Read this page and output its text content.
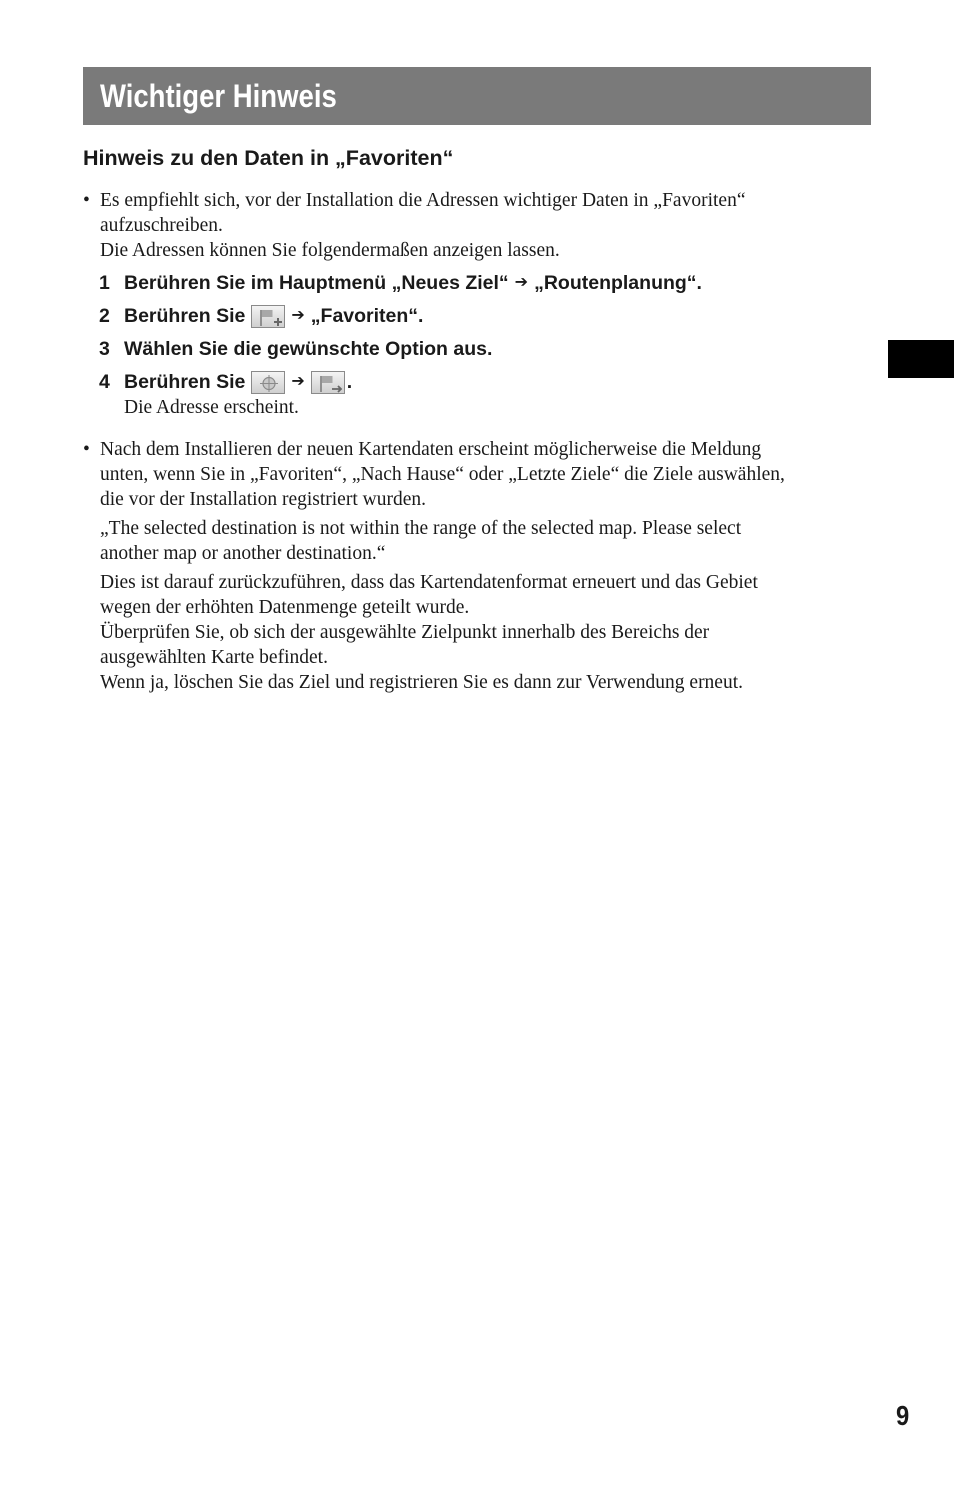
Wichtiger Hinweis
Hinweis zu den Daten in „Favoriten“
• Es empfiehlt sich, vor der Installation die Adressen wichtiger Daten in „Favoriten“
aufzuschreiben.
Die Adressen können Sie folgendermaßen anzeigen lassen.

1 Berühren Sie im Hauptmenü „Neues Ziel“ ➔ „Routenplanung“.
2 Berühren Sie	➔ „Favoriten“.
3 Wählen Sie die gewünschte Option aus.
4 Berühren Sie	➔ .
Die Adresse erscheint.
• Nach dem Installieren der neuen Kartendaten erscheint möglicherweise die Meldung
unten, wenn Sie in „Favoriten“, „Nach Hause“ oder „Letzte Ziele“ die Ziele auswählen,
die vor der Installation registriert wurden.

„The selected destination is not within the range of the selected map. Please select
another map or another destination.“

Dies ist darauf zurückzuführen, dass das Kartendatenformat erneuert und das Gebiet
wegen der erhöhten Datenmenge geteilt wurde.
Überprüfen Sie, ob sich der ausgewählte Zielpunkt innerhalb des Bereichs der
ausgewählten Karte befindet.
Wenn ja, löschen Sie das Ziel und registrieren Sie es dann zur Verwendung erneut.

9
